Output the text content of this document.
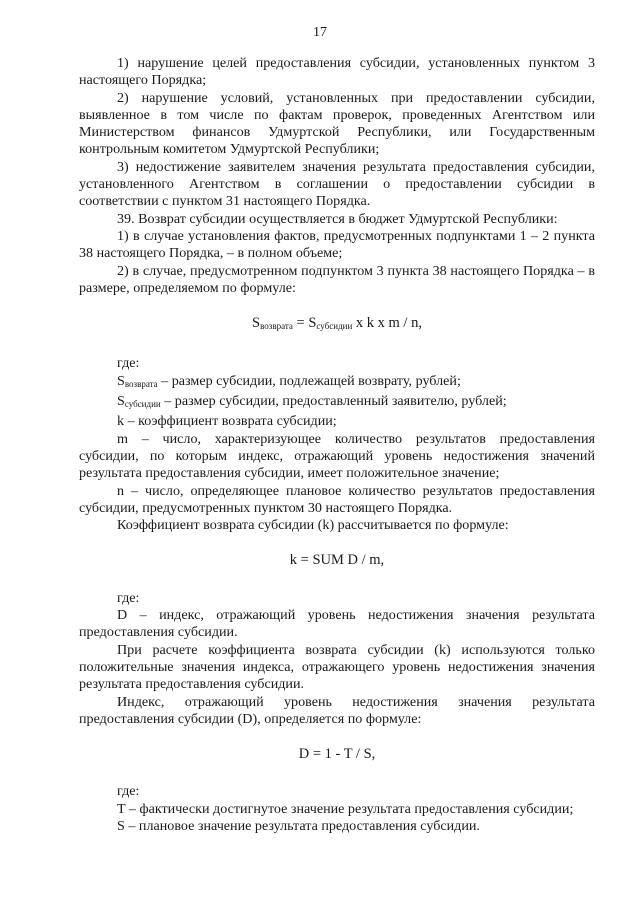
17

1) нарушение целей предоставления субсидии, установленных пунктом 3 настоящего Порядка;

2) нарушение условий, установленных при предоставлении субсидии, выявленное в том числе по фактам проверок, проведенных Агентством или Министерством финансов Удмуртской Республики, или Государственным контрольным комитетом Удмуртской Республики;

3) недостижение заявителем значения результата предоставления субсидии, установленного Агентством в соглашении о предоставлении субсидии в соответствии с пунктом 31 настоящего Порядка.

39. Возврат субсидии осуществляется в бюджет Удмуртской Республики:

1) в случае установления фактов, предусмотренных подпунктами 1 – 2 пункта 38 настоящего Порядка, – в полном объеме;

2) в случае, предусмотренном подпунктом 3 пункта 38 настоящего Порядка – в размере, определяемом по формуле:

$S_{возврата} = S_{субсидии}$ x k x m / n,

где:

$S_{возврата}$ – размер субсидии, подлежащей возврату, рублей;

$S_{субсидии}$ – размер субсидии, предоставленный заявителю, рублей;

k – коэффициент возврата субсидии;

m – число, характеризующее количество результатов предоставления субсидии, по которым индекс, отражающий уровень недостижения значений результата предоставления субсидии, имеет положительное значение;

n – число, определяющее плановое количество результатов предоставления субсидии, предусмотренных пунктом 30 настоящего Порядка.

Коэффициент возврата субсидии (k) рассчитывается по формуле:

k = SUM D / m,

где:

D – индекс, отражающий уровень недостижения значения результата предоставления субсидии.

При расчете коэффициента возврата субсидии (k) используются только положительные значения индекса, отражающего уровень недостижения значения результата предоставления субсидии.

Индекс, отражающий уровень недостижения значения результата предоставления субсидии (D), определяется по формуле:

D = 1 - T / S,

где:

T – фактически достигнутое значение результата предоставления субсидии;

S – плановое значение результата предоставления субсидии.
